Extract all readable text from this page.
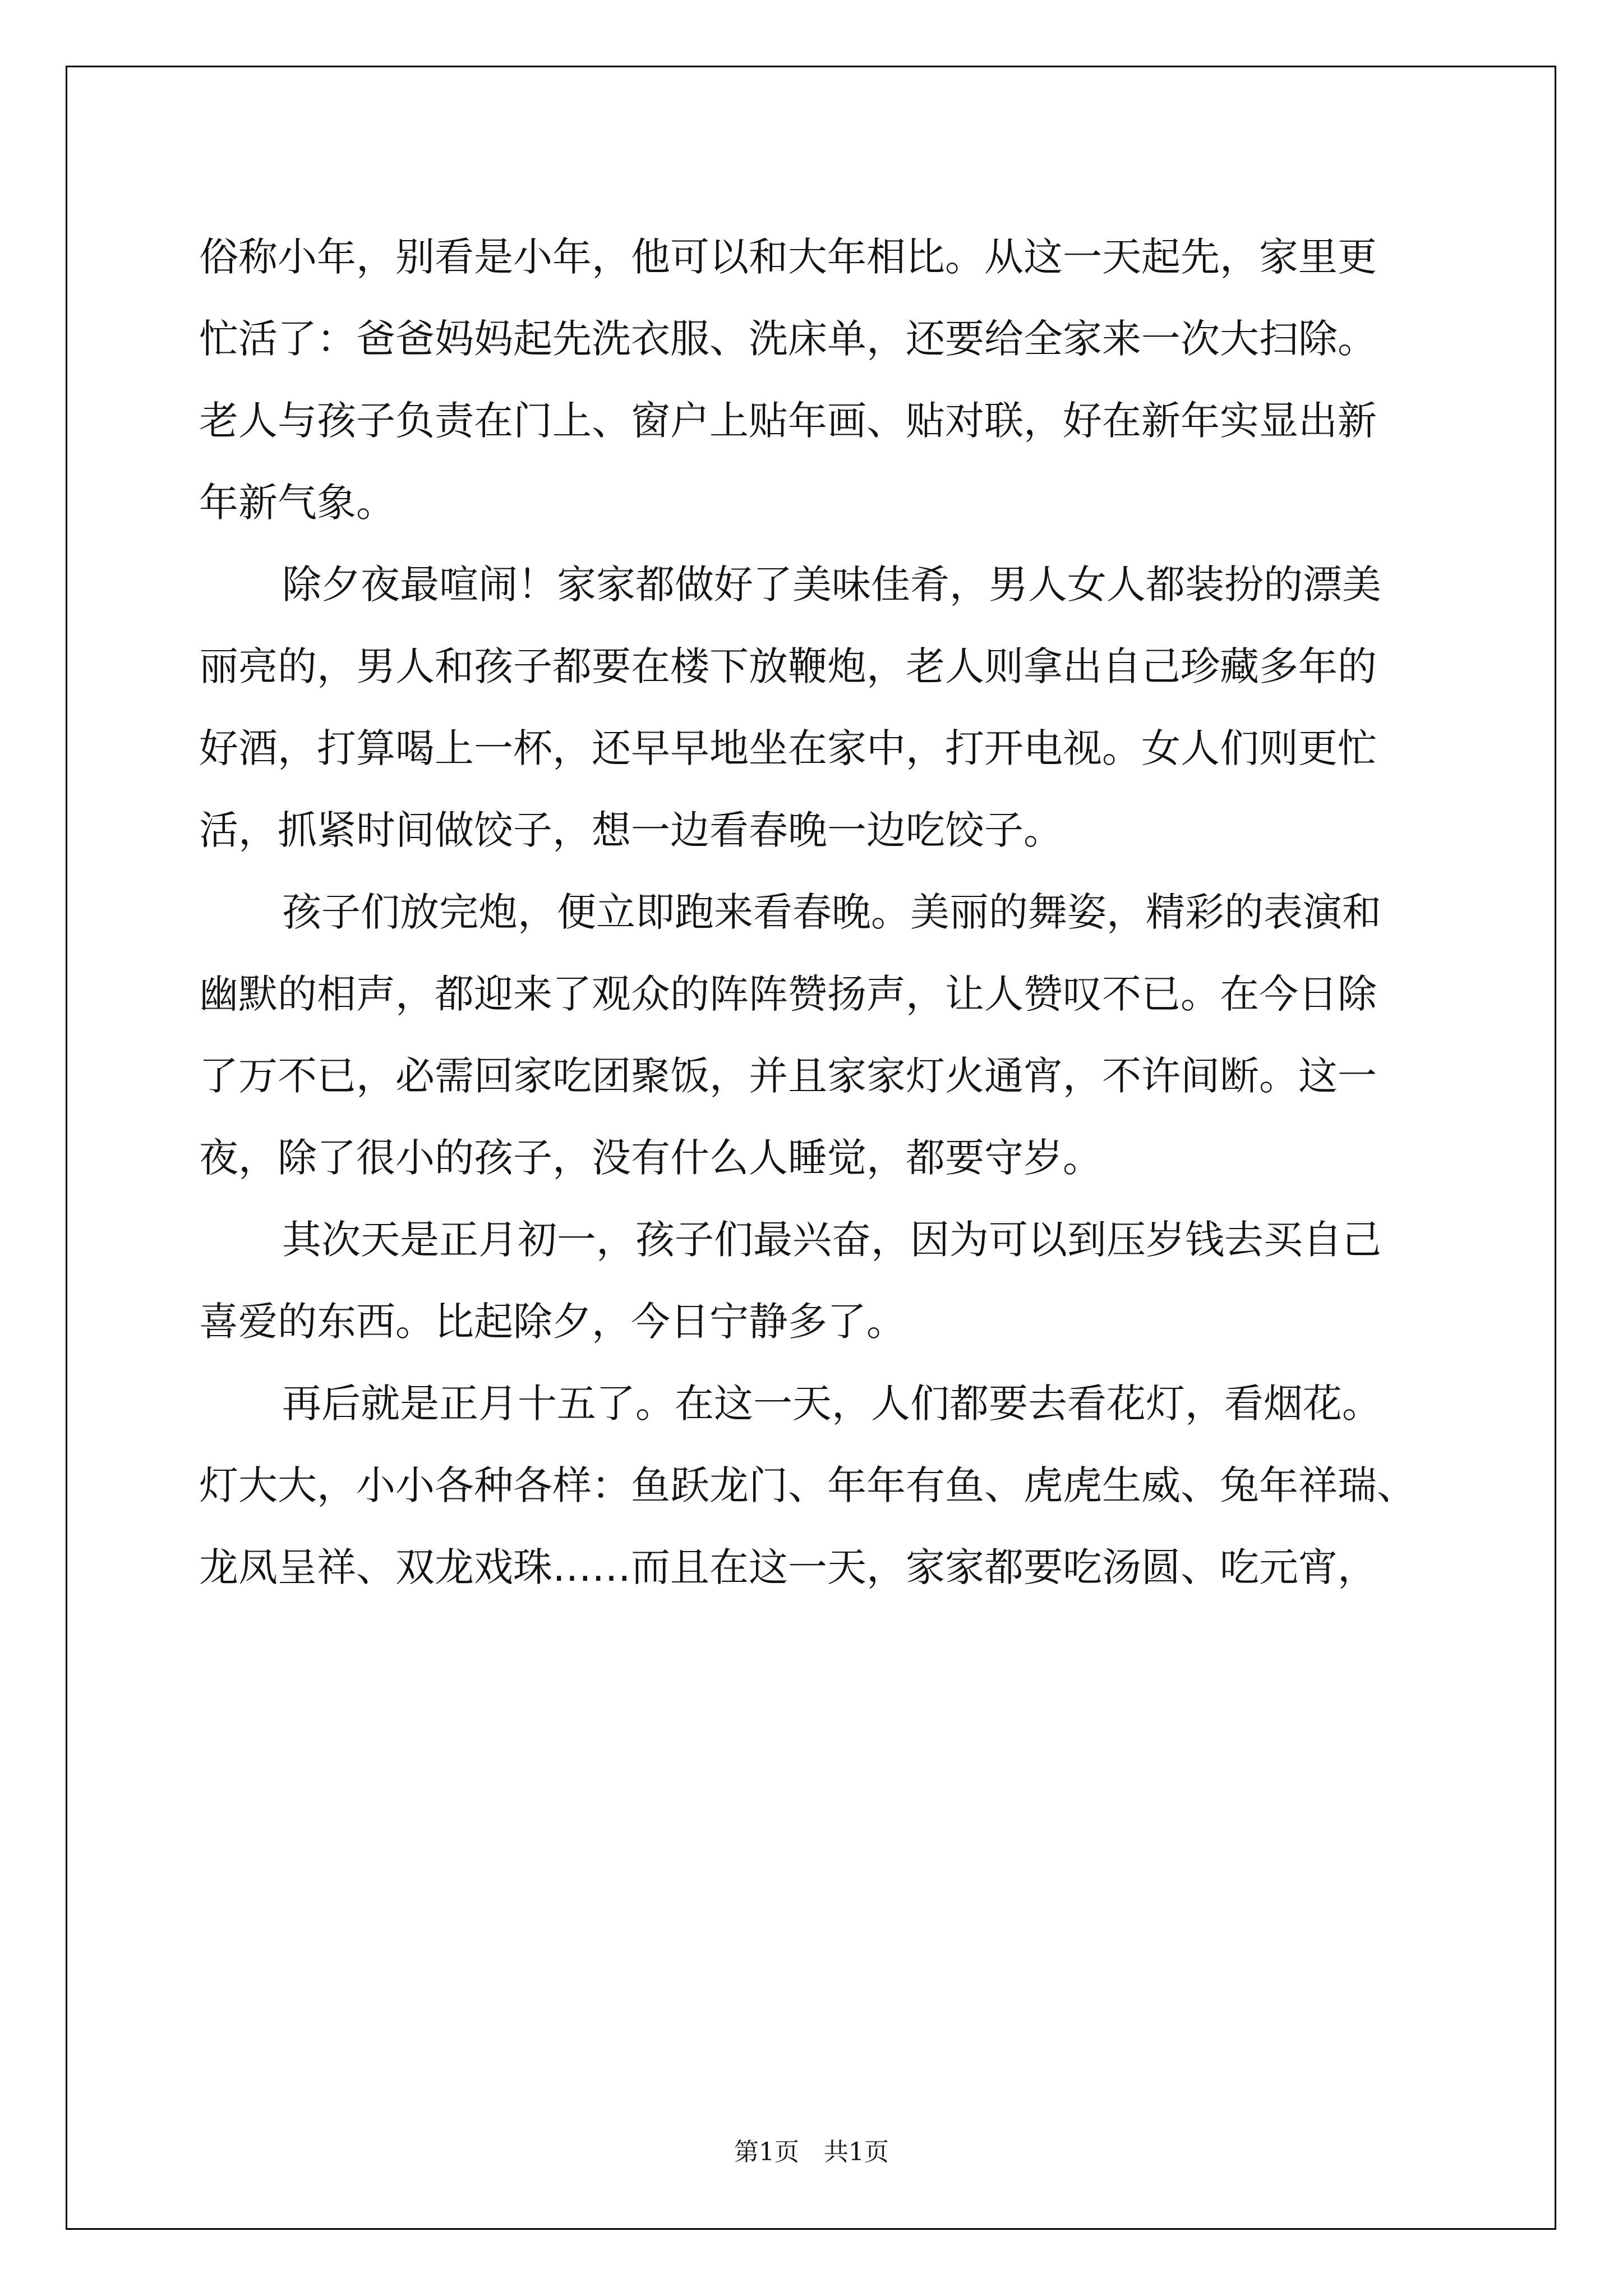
俗称小年，别看是小年，他可以和大年相比。从这一天起先，家里更
忙活了：爸爸妈妈起先洗衣服、洗床单，还要给全家来一次大扫除。
老人与孩子负责在门上、窗户上贴年画、贴对联，好在新年实显出新
年新气象。
除夕夜最喧闹！家家都做好了美味佳肴，男人女人都装扮的漂美
丽亮的，男人和孩子都要在楼下放鞭炮，老人则拿出自己珍藏多年的
好酒，打算喝上一杯，还早早地坐在家中，打开电视。女人们则更忙
活，抓紧时间做饺子，想一边看春晚一边吃饺子。
孩子们放完炮，便立即跑来看春晚。美丽的舞姿，精彩的表演和
幽默的相声，都迎来了观众的阵阵赞扬声，让人赞叹不已。在今日除
了万不已，必需回家吃团聚饭，并且家家灯火通宵，不许间断。这一
夜，除了很小的孩子，没有什么人睡觉，都要守岁。
其次天是正月初一，孩子们最兴奋，因为可以到压岁钱去买自己
喜爱的东西。比起除夕，今日宁静多了。
再后就是正月十五了。在这一天，人们都要去看花灯，看烟花。
灯大大，小小各种各样：鱼跃龙门、年年有鱼、虎虎生威、兔年祥瑞、
龙凤呈祥、双龙戏珠……而且在这一天，家家都要吃汤圆、吃元宵，
第1页　共1页
